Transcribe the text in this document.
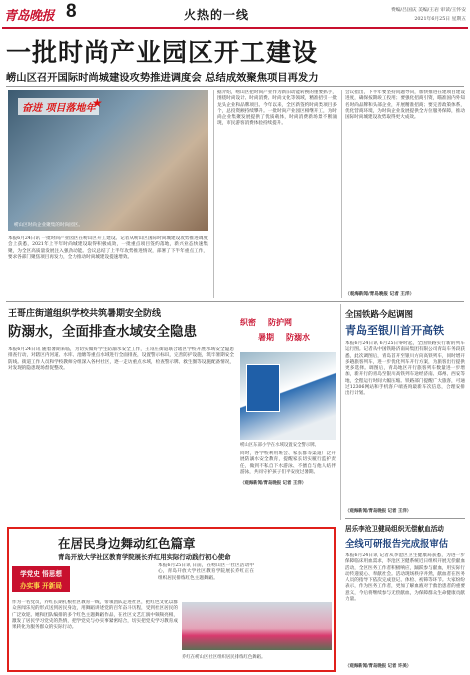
青岛晚报 8	火热的一线	费编/吕国庆 美编/王岩 审读/王怀安
2021年6月25日 星期五
一批时尚产业园区开工建设
崂山区召开国际时尚城建设攻势推进调度会 总结成效聚焦项目再发力
奋进 项目落地年
★
崂山区时尚企业聚集的时尚园区。
本报6月24日讯 一批时尚产业园区在崂山区开工建设。记者从崂山区国际时尚城建设攻势推进调度会上获悉，2021年上半年时尚城建设取得积极成效，一批重点项目签约落地，新兴业态快速集聚，为全区高质量发展注入强劲动能。会议总结了上半年攻势推进情况，部署了下半年重点工作，要求各部门聚焦项目再发力，全力推动时尚城建设提速增效。
据介绍，崂山区把时尚产业作为新旧动能转换的重要抓手，围绕时尚设计、时尚消费、时尚文化等领域，精准招引一批龙头企业和品牌项目。今年以来，全区新签约时尚类项目多个，总投资额持续攀升。一批时尚产业园区相继开工，为时尚企业集聚发展提供了优质载体，时尚消费新场景不断涌现，市民游客消费体验持续提升。
会议指出，下半年要坚持问题导向，加快推进在建项目建设进度，确保按期竣工投用；要强化招商引资，瞄准国内外知名时尚品牌和头部企业，开展精准招商；要完善政策体系，优化营商环境，为时尚企业发展提供全方位服务保障，推动国际时尚城建设攻势取得更大成效。
（观海新闻/青岛晚报 记者 王洋）
王哥庄街道组织学校共筑暑期安全防线
防溺水，全面排查水域安全隐患
织密 防护网
暑期 防溺水
本报6月24日讯 随着暑期来临，为切实做好学生防溺水安全工作，王哥庄街道联合辖区学校开展水域安全隐患排查行动，对辖区内河道、水库、池塘等重点水域进行全面排查，设置警示标识，完善防护设施，筑牢暑期安全防线。街道工作人员和学校教师分组深入各村社区，逐一走访重点水域，检查警示牌、救生圈等设施配备情况，对发现的隐患现场督促整改。
崂山区东部小学在水域设置安全警示牌。
同时，各学校利用班会、家长群等渠道广泛开展防溺水安全教育，提醒家长切实履行监护责任，做到不私自下水游泳、不擅自与他人结伴游泳，共同守护孩子们平安度过暑期。
（观海新闻/青岛晚报 记者 王洋）
全国铁路今起调图
青岛至银川首开高铁
本报6月24日讯 6月25日零时起，全国铁路实行新的列车运行图。记者从中国铁路济南局集团有限公司青岛车务段获悉，此次调图后，青岛首开至银川方向高铁列车，同时增开多趟旅客列车，进一步优化列车开行方案，为旅客出行提供更多选择。调图后，青岛地区开行旅客列车数量进一步增加，新开行的青岛至银川高铁列车途经济南、郑州、西安等地，全程运行时间大幅压缩。铁路部门提醒广大旅客，可通过12306网站和手机客户端查询最新车次信息，合理安排出行计划。
（观海新闻/青岛晚报 记者 王洋）
在居民身边舞动红色篇章
青岛开放大学社区教育学院展长乔红用实际行动践行初心使命
学党史 悟思想
办实事 开新局
本报6月25日讯 日前，在崂山区一社区活动中心，青岛开放大学社区教育学院展长乔红正在组织居民排练红色主题舞蹈。
作为一名党员，乔红长期扎根社区教育一线，带领团队走进社区，把红色文化以群众喜闻乐见的形式送到居民身边，用舞蹈讲述党的百年奋斗历程，受到社区居民的广泛欢迎。她和团队编排的多个红色主题舞蹈作品，在社区文艺汇演中频频亮相，激发了居民学习党史的热情，把学党史与办实事紧密结合，切实把党史学习教育成果转化为服务群众的实际行动。
乔红在崂山区社区组织居民排练红色舞蹈。
居乐李沧卫健局组织无偿献血活动
全线可研报告完成报审估
本报6月24日讯 记者从李沧区卫生健康局获悉，为进一步保障临床用血需求，李沧区卫健系统近日组织开展无偿献血活动，全区医务工作者积极响应，踊跃参与献血，用实际行动传递爱心、奉献社会。活动现场秩序井然，献血者在医务人员的指导下依次完成登记、体检、初筛等环节。大家纷纷表示，作为医务工作者，更加了解血液对于救治患者的重要意义，今后将继续参与无偿献血，为保障群众生命健康贡献力量。
（观海新闻/青岛晚报 记者 许美）
